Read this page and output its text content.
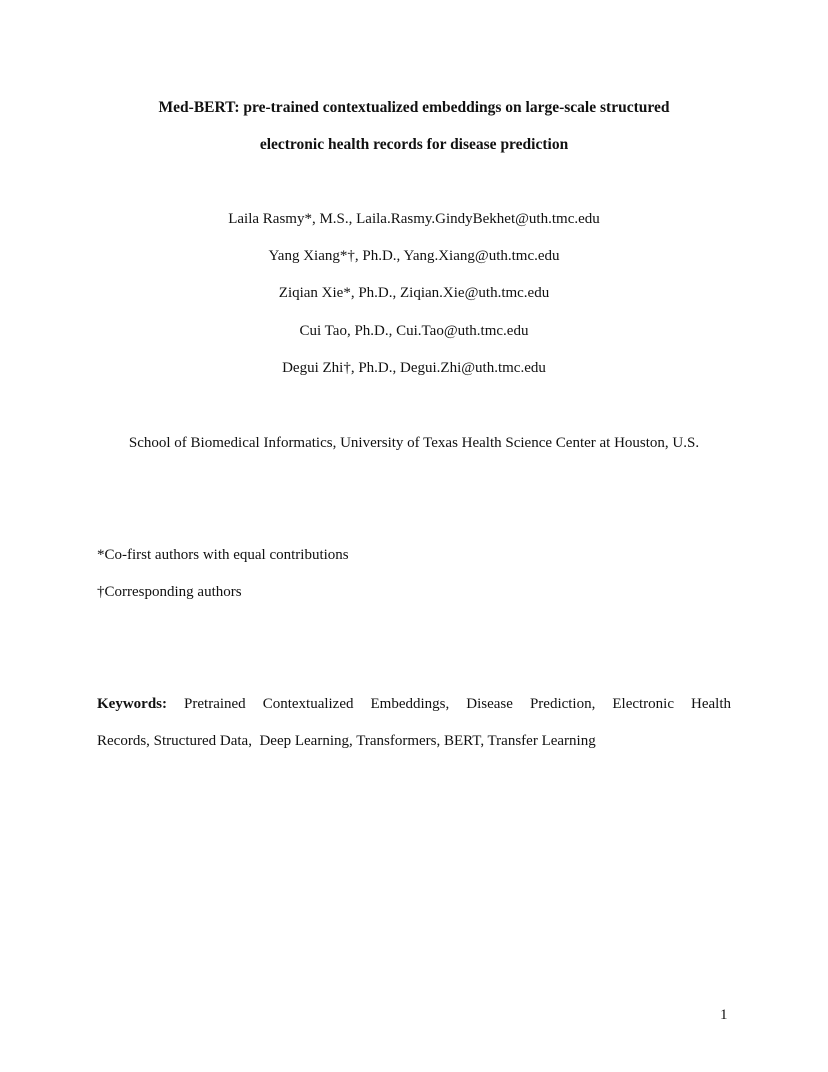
Med-BERT: pre-trained contextualized embeddings on large-scale structured
electronic health records for disease prediction
Laila Rasmy*, M.S., Laila.Rasmy.GindyBekhet@uth.tmc.edu
Yang Xiang*†, Ph.D., Yang.Xiang@uth.tmc.edu
Ziqian Xie*, Ph.D., Ziqian.Xie@uth.tmc.edu
Cui Tao, Ph.D., Cui.Tao@uth.tmc.edu
Degui Zhi†, Ph.D., Degui.Zhi@uth.tmc.edu
School of Biomedical Informatics, University of Texas Health Science Center at Houston, U.S.
*Co-first authors with equal contributions
†Corresponding authors
Keywords: Pretrained Contextualized Embeddings, Disease Prediction, Electronic Health
Records, Structured Data,  Deep Learning, Transformers, BERT, Transfer Learning
1
